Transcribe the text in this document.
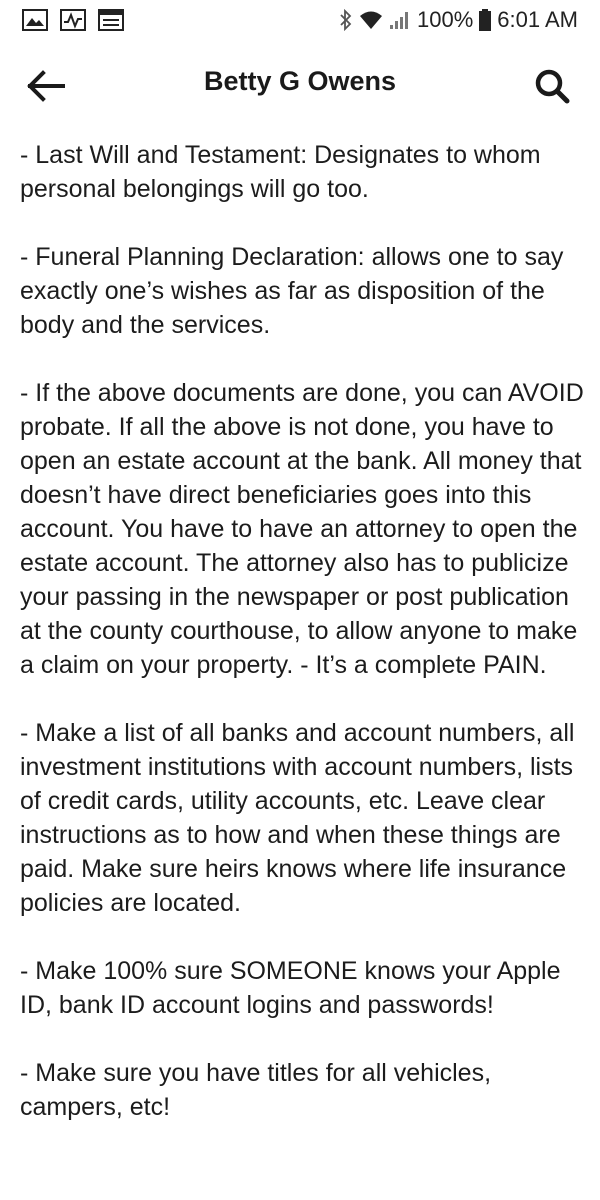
100% 6:01 AM
Betty G Owens

- Last Will and Testament: Designates to whom personal belongings will go too.

- Funeral Planning Declaration: allows one to say exactly one’s wishes as far as disposition of the body and the services.

- If the above documents are done, you can AVOID probate. If all the above is not done, you have to open an estate account at the bank. All money that doesn’t have direct beneficiaries goes into this account. You have to have an attorney to open the estate account. The attorney also has to publicize your passing in the newspaper or post publication at the county courthouse, to allow anyone to make a claim on your property. - It’s a complete PAIN.

- Make a list of all banks and account numbers, all investment institutions with account numbers, lists of credit cards, utility accounts, etc. Leave clear instructions as to how and when these things are paid. Make sure heirs knows where life insurance policies are located.

- Make 100% sure SOMEONE knows your Apple ID, bank ID account logins and passwords!

- Make sure you have titles for all vehicles, campers, etc!
